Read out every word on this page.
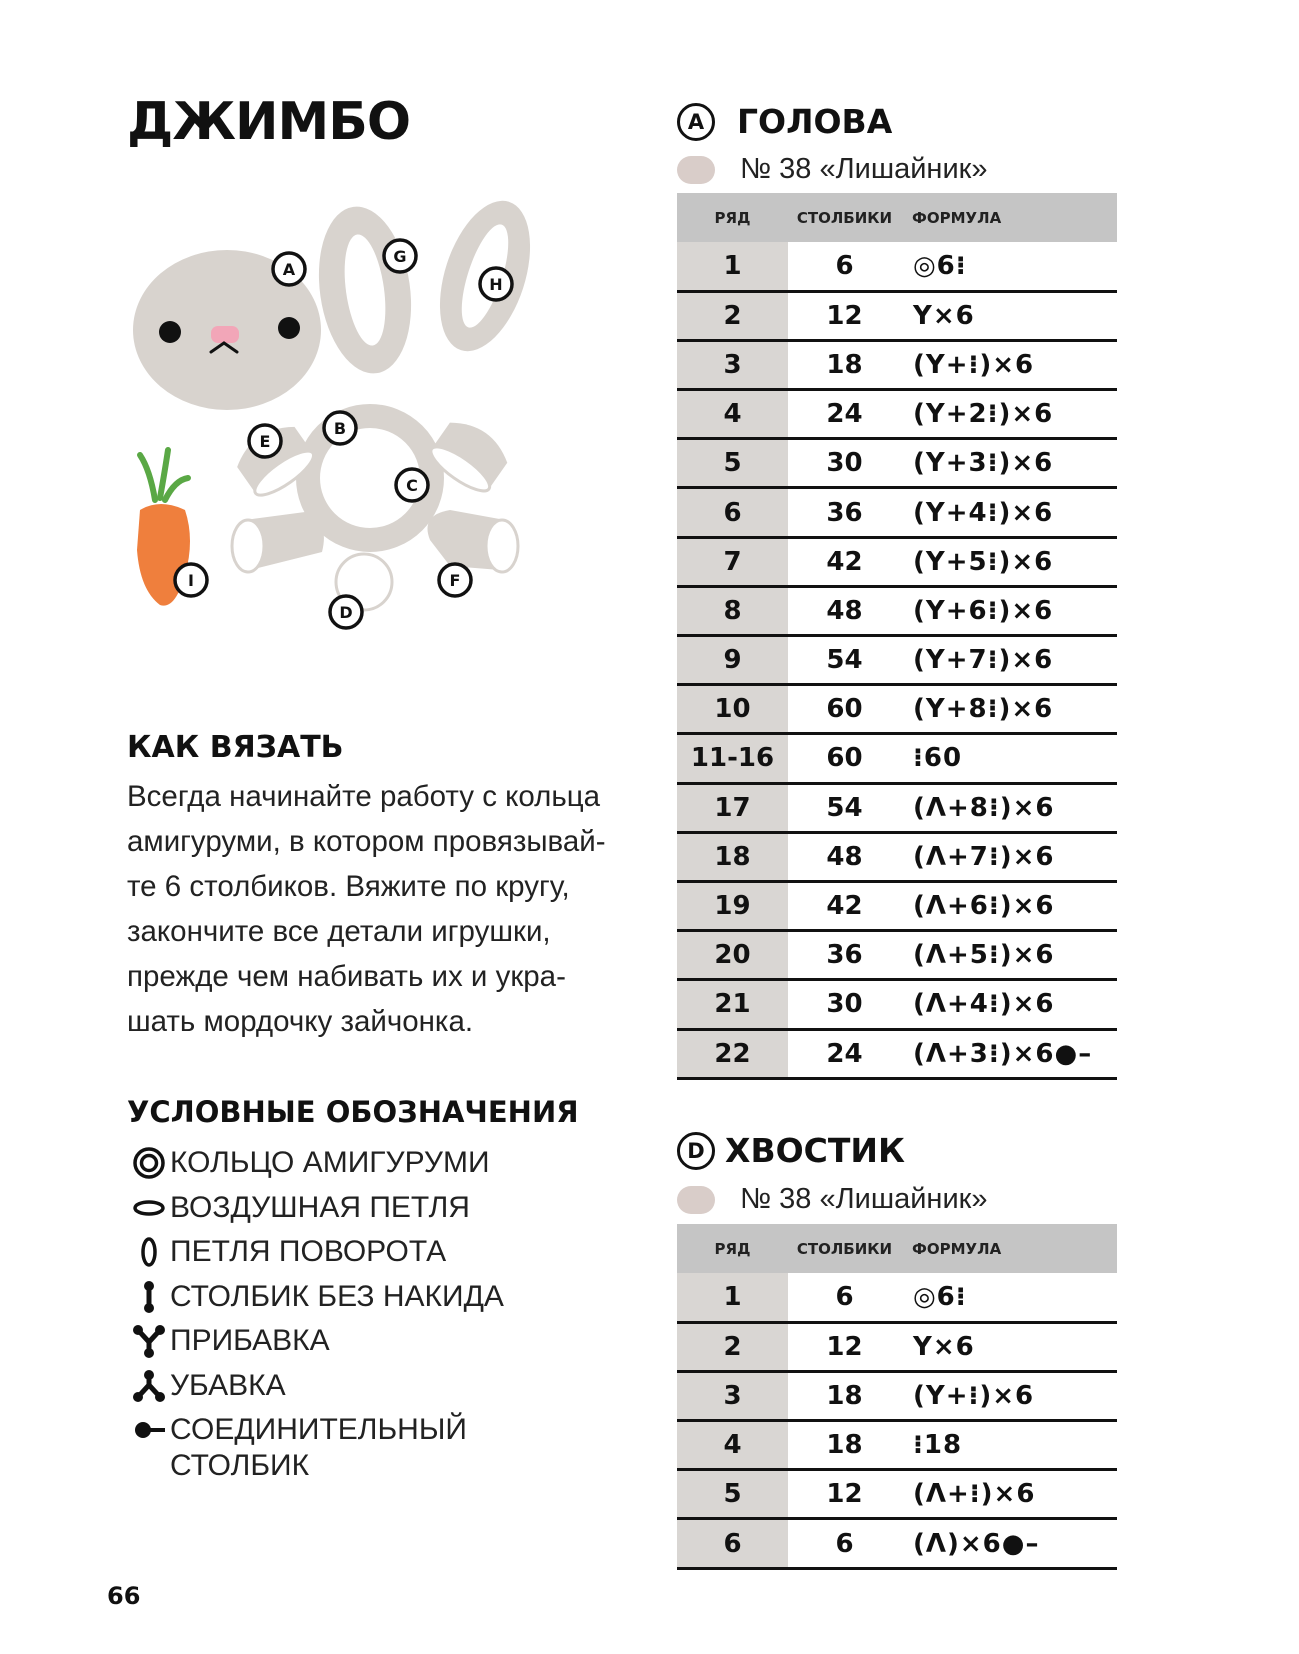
ДЖИМБО
A
G
H
B
E
C
I	F
D
КАК ВЯЗАТЬ
Всегда начинайте работу с кольца
амигуруми, в котором провязывай-
те 6 столбиков. Вяжите по кругу,
закончите все детали игрушки,
прежде чем набивать их и укра-
шать мордочку зайчонка.
УСЛОВНЫЕ ОБОЗНАЧЕНИЯ
КОЛЬЦО АМИГУРУМИ
ВОЗДУШНАЯ ПЕТЛЯ
ПЕТЛЯ ПОВОРОТА
СТОЛБИК БЕЗ НАКИДА
ПРИБАВКА
УБАВКА
СОЕДИНИТЕЛЬНЫЙ
СТОЛБИК
66
A ГОЛОВА
№ 38 «Лишайник»
РЯД	СТОЛБИКИ	ФОРМУЛА
1	6	◎6⁝
2	12	Y×6
3	18	(Y+⁝)×6
4	24	(Y+2⁝)×6
5	30	(Y+3⁝)×6
6	36	(Y+4⁝)×6
7	42	(Y+5⁝)×6
8	48	(Y+6⁝)×6
9	54	(Y+7⁝)×6
10	60	(Y+8⁝)×6
11-16	60	⁝60
17	54	(Λ+8⁝)×6
18	48	(Λ+7⁝)×6
19	42	(Λ+6⁝)×6
20	36	(Λ+5⁝)×6
21	30	(Λ+4⁝)×6
22	24	(Λ+3⁝)×6●–
D ХВОСТИК
№ 38 «Лишайник»
РЯД	СТОЛБИКИ	ФОРМУЛА
1	6	◎6⁝
2	12	Y×6
3	18	(Y+⁝)×6
4	18	⁝18
5	12	(Λ+⁝)×6
6	6	(Λ)×6●–
